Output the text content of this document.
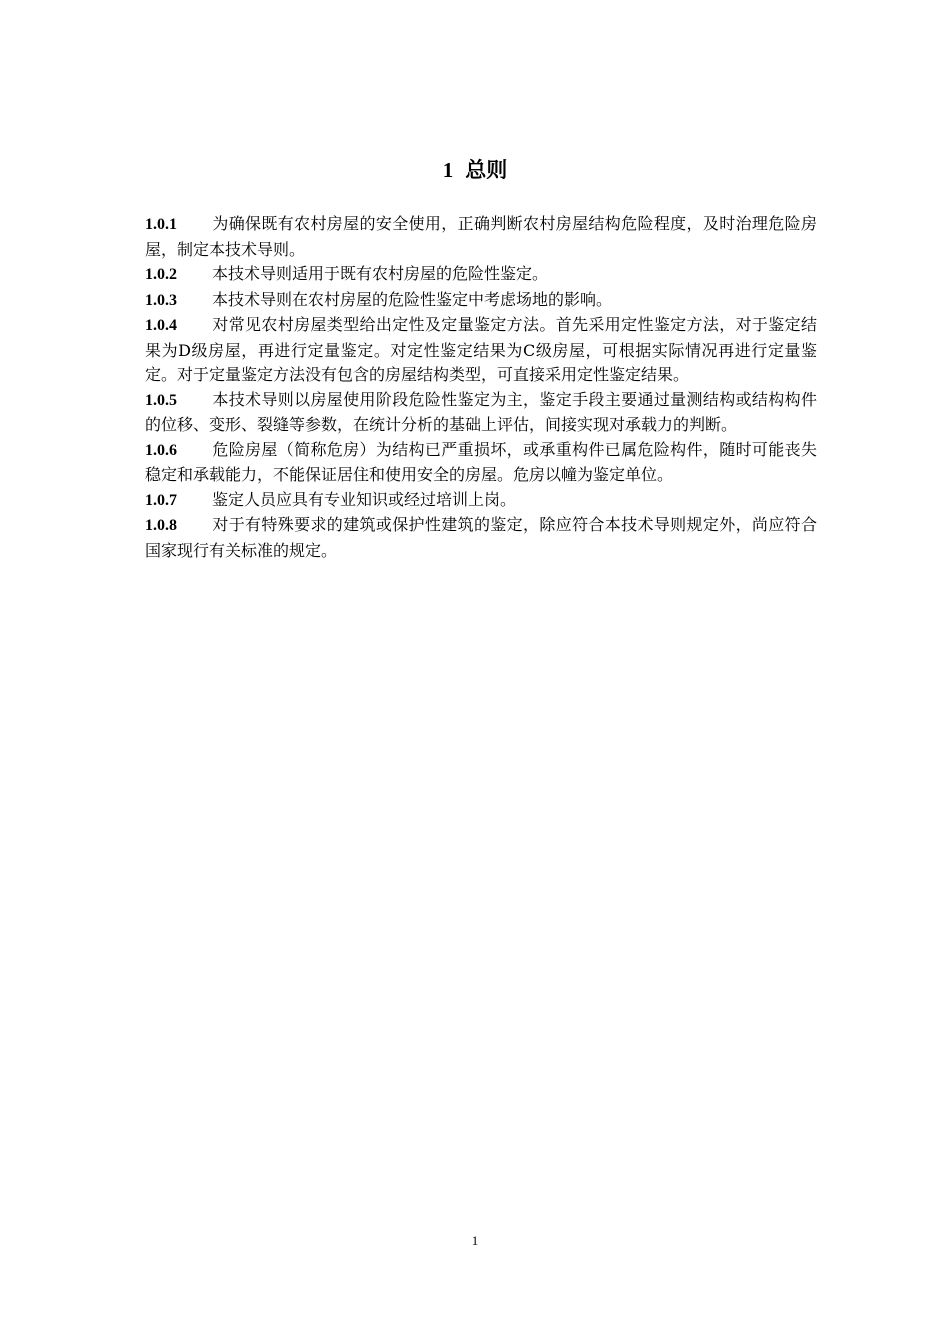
1 总则

1.0.1 为确保既有农村房屋的安全使用，正确判断农村房屋结构危险程度，及时治理危险房屋，制定本技术导则。

1.0.2 本技术导则适用于既有农村房屋的危险性鉴定。

1.0.3 本技术导则在农村房屋的危险性鉴定中考虑场地的影响。

1.0.4 对常见农村房屋类型给出定性及定量鉴定方法。首先采用定性鉴定方法，对于鉴定结果为D级房屋，再进行定量鉴定。对定性鉴定结果为C级房屋，可根据实际情况再进行定量鉴定。对于定量鉴定方法没有包含的房屋结构类型，可直接采用定性鉴定结果。

1.0.5 本技术导则以房屋使用阶段危险性鉴定为主，鉴定手段主要通过量测结构或结构构件的位移、变形、裂缝等参数，在统计分析的基础上评估，间接实现对承载力的判断。

1.0.6 危险房屋（简称危房）为结构已严重损坏，或承重构件已属危险构件，随时可能丧失稳定和承载能力，不能保证居住和使用安全的房屋。危房以幢为鉴定单位。

1.0.7 鉴定人员应具有专业知识或经过培训上岗。

1.0.8 对于有特殊要求的建筑或保护性建筑的鉴定，除应符合本技术导则规定外，尚应符合国家现行有关标准的规定。

1
